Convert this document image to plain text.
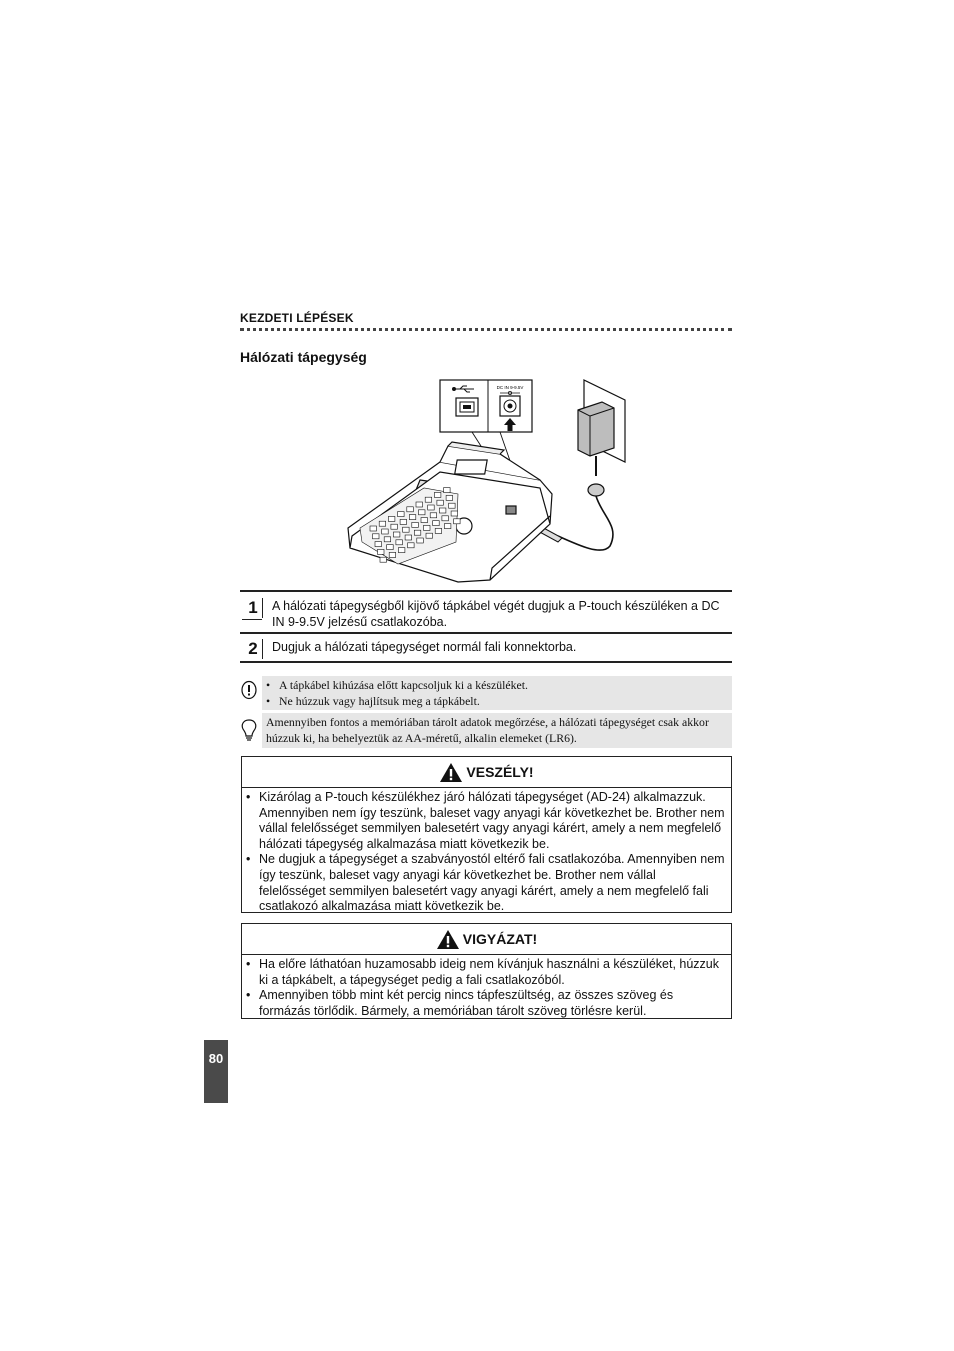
KEZDETI LÉPÉSEK
Hálózati tápegység
DC IN 9-9.5V
1	A hálózati tápegységből kijövő tápkábel végét dugjuk a P-touch készüléken a DC IN 9-9.5V jelzésű csatlakozóba.
2	Dugjuk a hálózati tápegységet normál fali konnektorba.
• A tápkábel kihúzása előtt kapcsoljuk ki a készüléket.
• Ne húzzuk vagy hajlítsuk meg a tápkábelt.
Amennyiben fontos a memóriában tárolt adatok megőrzése, a hálózati tápegységet csak akkor húzzuk ki, ha behelyeztük az AA-méretű, alkalin elemeket (LR6).
VESZÉLY!
• Kizárólag a P-touch készülékhez járó hálózati tápegységet (AD-24) alkalmazzuk. Amennyiben nem így teszünk, baleset vagy anyagi kár következhet be. Brother nem vállal felelősséget semmilyen balesetért vagy anyagi kárért, amely a nem megfelelő hálózati tápegység alkalmazása miatt következik be.
• Ne dugjuk a tápegységet a szabványostól eltérő fali csatlakozóba. Amennyiben nem így teszünk, baleset vagy anyagi kár következhet be. Brother nem vállal felelősséget semmilyen balesetért vagy anyagi kárért, amely a nem megfelelő fali csatlakozó alkalmazása miatt következik be.
VIGYÁZAT!
• Ha előre láthatóan huzamosabb ideig nem kívánjuk használni a készüléket, húzzuk ki a tápkábelt, a tápegységet pedig a fali csatlakozóból.
• Amennyiben több mint két percig nincs tápfeszültség, az összes szöveg és formázás törlődik. Bármely, a memóriában tárolt szöveg törlésre kerül.
80
